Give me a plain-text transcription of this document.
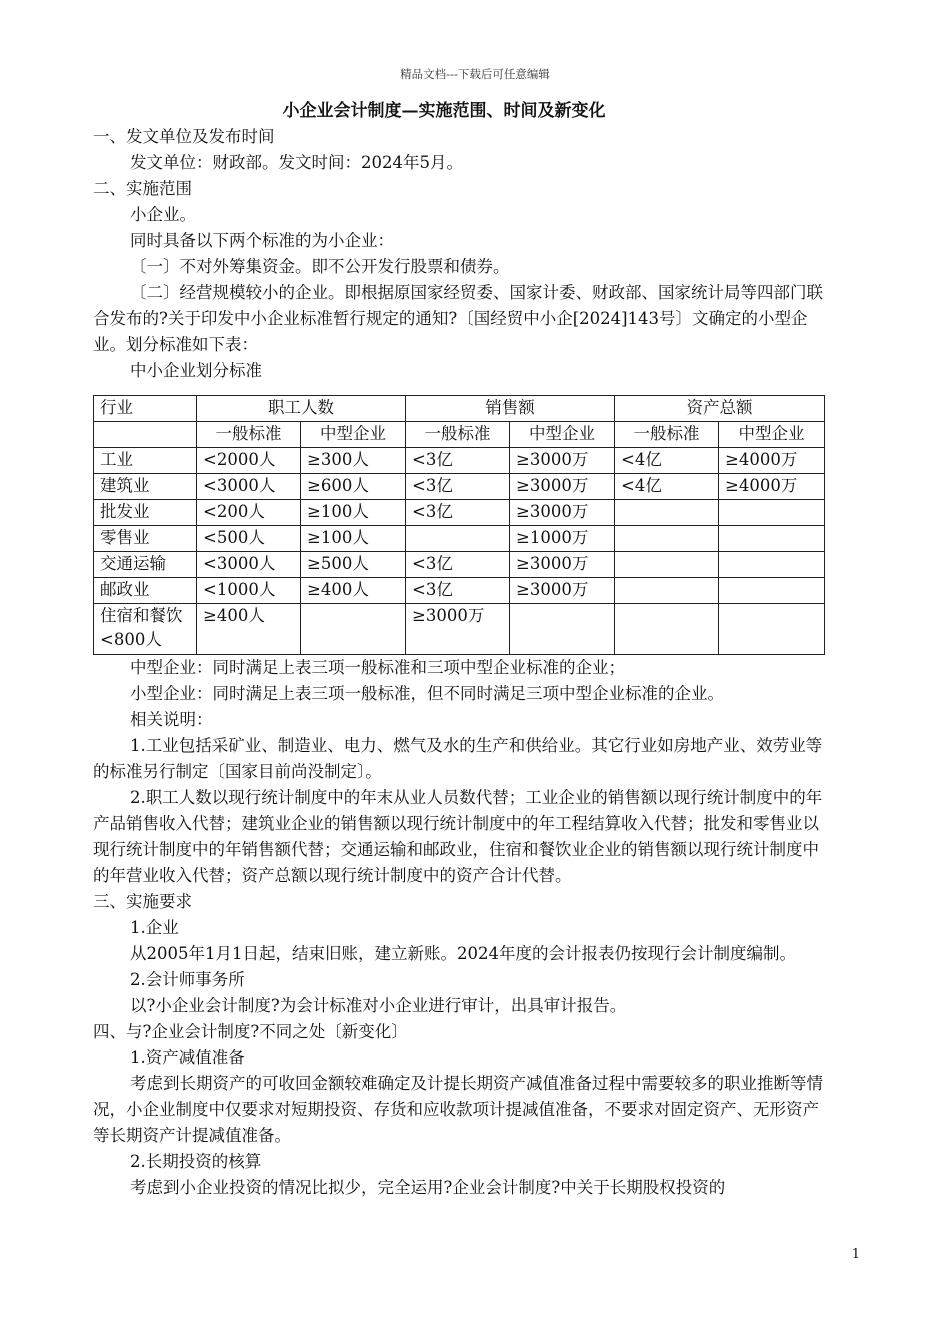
精品文档---下载后可任意编辑
小企业会计制度—实施范围、时间及新变化

一、发文单位及发布时间

发文单位：财政部。发文时间：2024年5月。

二、实施范围

小企业。

同时具备以下两个标准的为小企业：

〔一〕不对外筹集资金。即不公开发行股票和债券。

〔二〕经营规模较小的企业。即根据原国家经贸委、国家计委、财政部、国家统计局等四部门联合发布的?关于印发中小企业标准暂行规定的通知?〔国经贸中小企[2024]143号〕文确定的小型企业。划分标准如下表：

中小企业划分标准

行业	职工人数		销售额		资产总额	
	一般标准	中型企业	一般标准	中型企业	一般标准	中型企业
工业	<2000人	≥300人	<3亿	≥3000万	<4亿	≥4000万
建筑业	<3000人	≥600人	<3亿	≥3000万	<4亿	≥4000万
批发业	<200人	≥100人	<3亿	≥3000万		
零售业	<500人	≥100人		≥1000万		
交通运输	<3000人	≥500人	<3亿	≥3000万		
邮政业	<1000人	≥400人	<3亿	≥3000万		
住宿和餐饮<800人	≥400人		≥3000万			

中型企业：同时满足上表三项一般标准和三项中型企业标准的企业；

小型企业：同时满足上表三项一般标准，但不同时满足三项中型企业标准的企业。

相关说明：

1.工业包括采矿业、制造业、电力、燃气及水的生产和供给业。其它行业如房地产业、效劳业等的标准另行制定〔国家目前尚没制定〕。

2.职工人数以现行统计制度中的年末从业人员数代替；工业企业的销售额以现行统计制度中的年产品销售收入代替；建筑业企业的销售额以现行统计制度中的年工程结算收入代替；批发和零售业以现行统计制度中的年销售额代替；交通运输和邮政业，住宿和餐饮业企业的销售额以现行统计制度中的年营业收入代替；资产总额以现行统计制度中的资产合计代替。

三、实施要求

1.企业

从2005年1月1日起，结束旧账，建立新账。2024年度的会计报表仍按现行会计制度编制。

2.会计师事务所

以?小企业会计制度?为会计标准对小企业进行审计，出具审计报告。

四、与?企业会计制度?不同之处〔新变化〕

1.资产减值准备

考虑到长期资产的可收回金额较难确定及计提长期资产减值准备过程中需要较多的职业推断等情况，小企业制度中仅要求对短期投资、存货和应收款项计提减值准备，不要求对固定资产、无形资产等长期资产计提减值准备。

2.长期投资的核算

考虑到小企业投资的情况比拟少，完全运用?企业会计制度?中关于长期股权投资的

1
